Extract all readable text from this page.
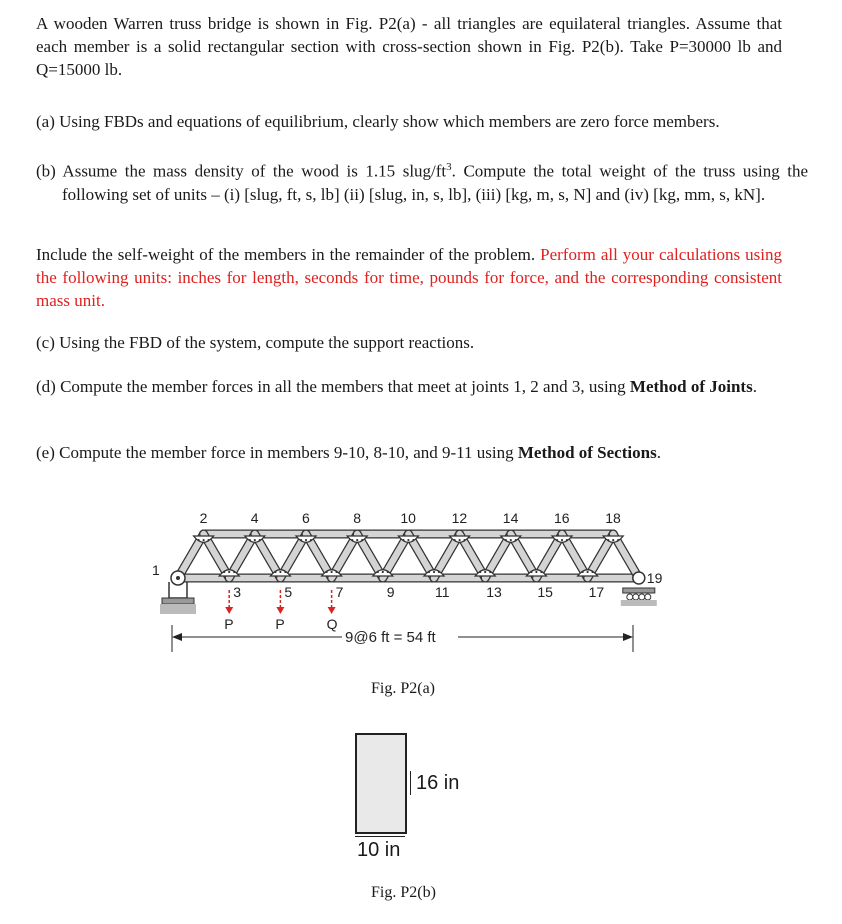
A wooden Warren truss bridge is shown in Fig. P2(a) - all triangles are equilateral triangles. Assume that each member is a solid rectangular section with cross-section shown in Fig. P2(b). Take P=30000 lb and Q=15000 lb.

(a) Using FBDs and equations of equilibrium, clearly show which members are zero force members.

(b) Assume the mass density of the wood is 1.15 slug/$ft^3$. Compute the total weight of the truss using the following set of units – (i) [slug, ft, s, lb] (ii) [slug, in, s, lb], (iii) [kg, m, s, N] and (iv) [kg, mm, s, kN].

Include the self-weight of the members in the remainder of the problem. Perform all your calculations using the following units: inches for length, seconds for time, pounds for force, and the corresponding consistent mass unit.

(c) Using the FBD of the system, compute the support reactions.

(d) Compute the member forces in all the members that meet at joints 1, 2 and 3, using Method of Joints.

(e) Compute the member force in members 9-10, 8-10, and 9-11 using Method of Sections.

P	P	Q
2	4	6	8	10	12	14	16	18
1
3	5	7	9	11	13	15	17
19
9@6 ft = 54 ft
Fig. P2(a)
16 in
10 in
Fig. P2(b)
